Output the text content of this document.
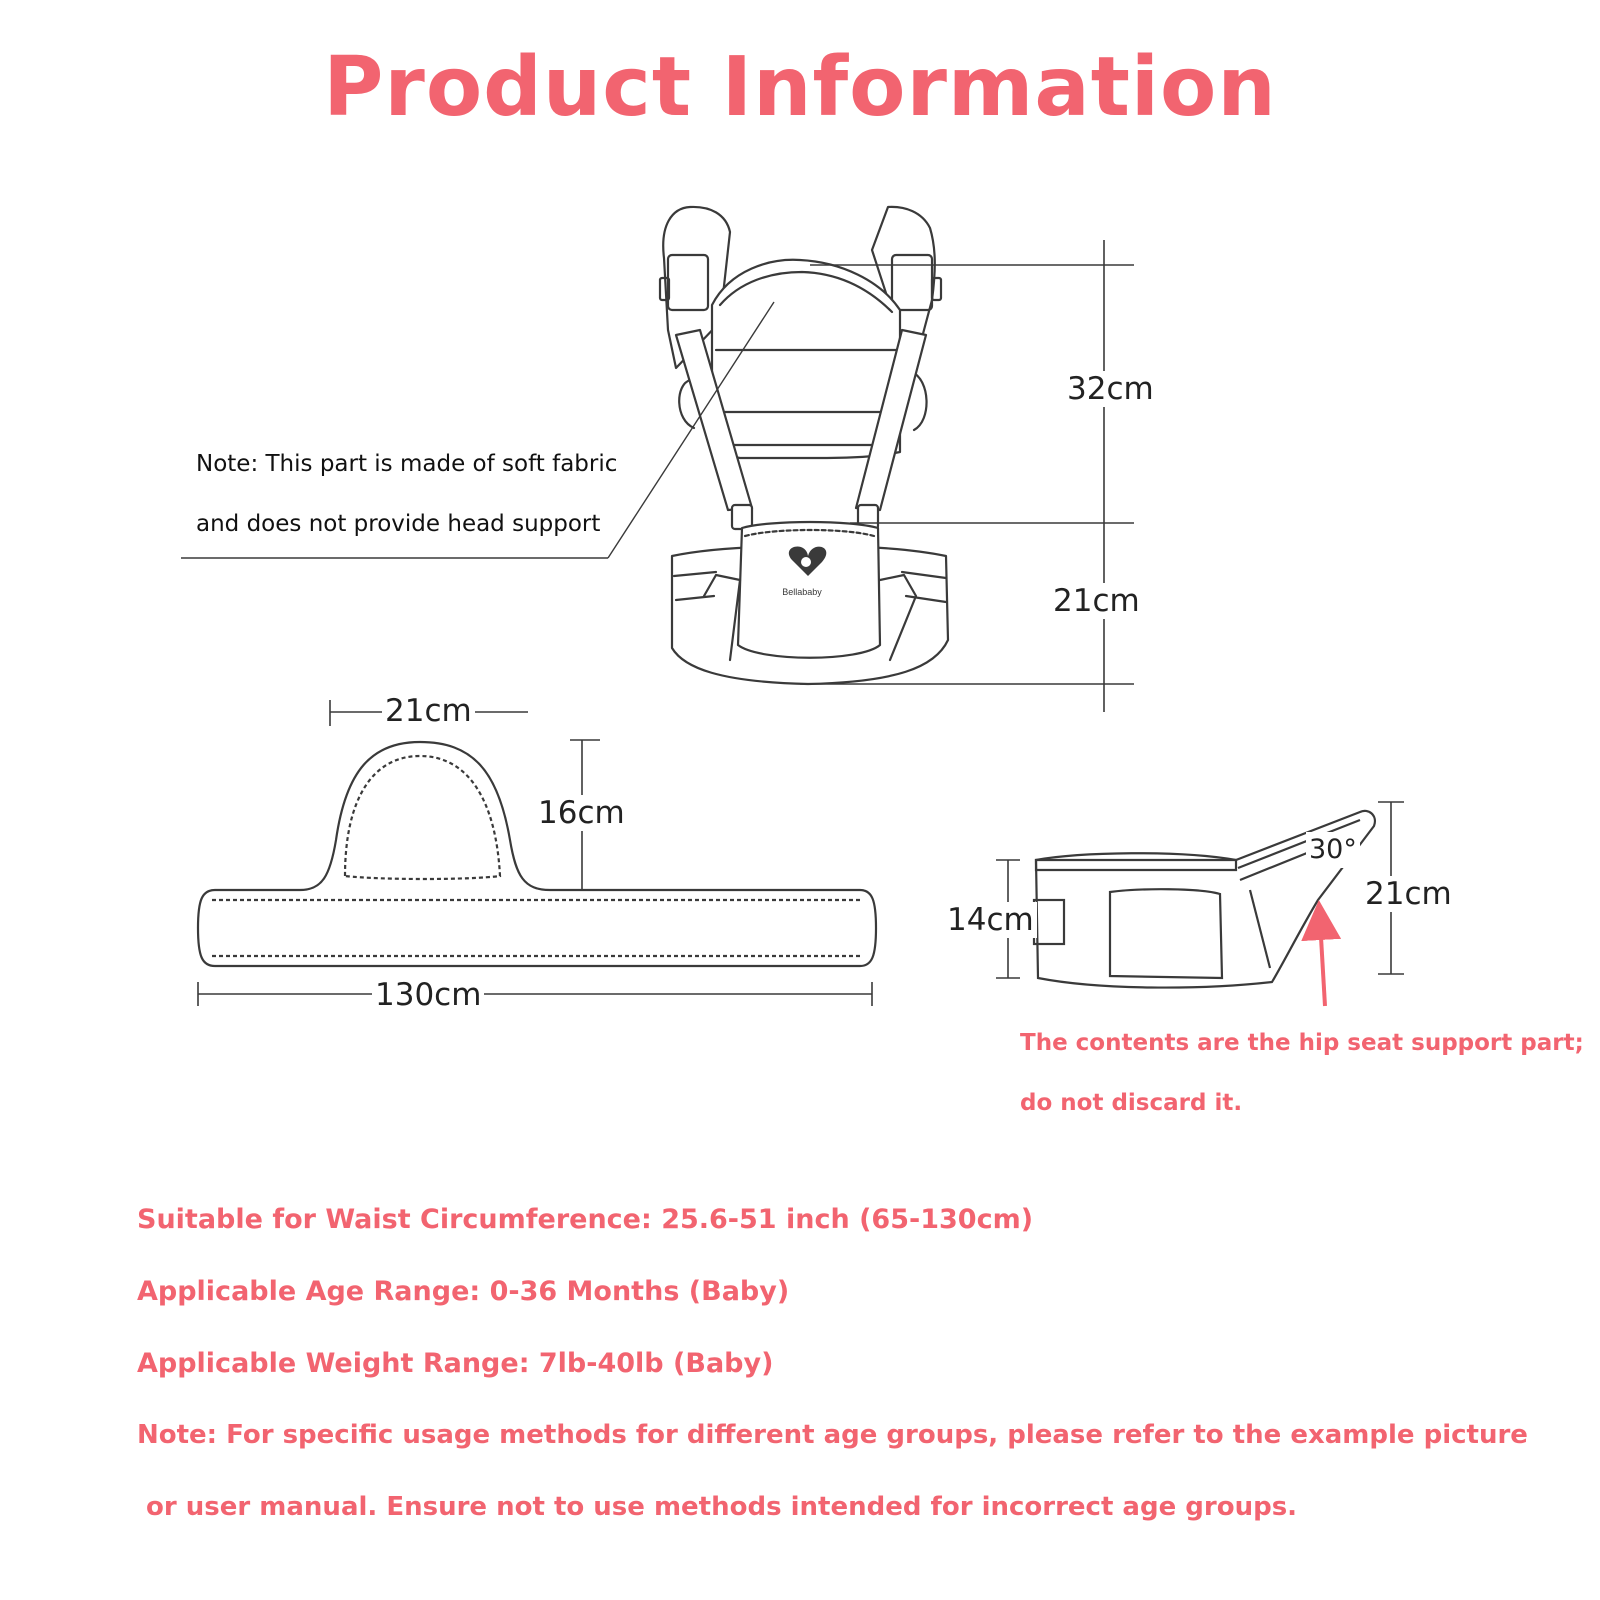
Product Information
Bellababy
Note: This part is made of soft fabric
and does not provide head support
32cm
21cm
21cm
16cm
130cm
14cm
21cm
30°
The contents are the hip seat support part;
do not discard it.
Suitable for Waist Circumference: 25.6-51 inch (65-130cm)
Applicable Age Range: 0-36 Months (Baby)
Applicable Weight Range: 7lb-40lb (Baby)
Note: For specific usage methods for different age groups, please refer to the example picture
or user manual. Ensure not to use methods intended for incorrect age groups.
